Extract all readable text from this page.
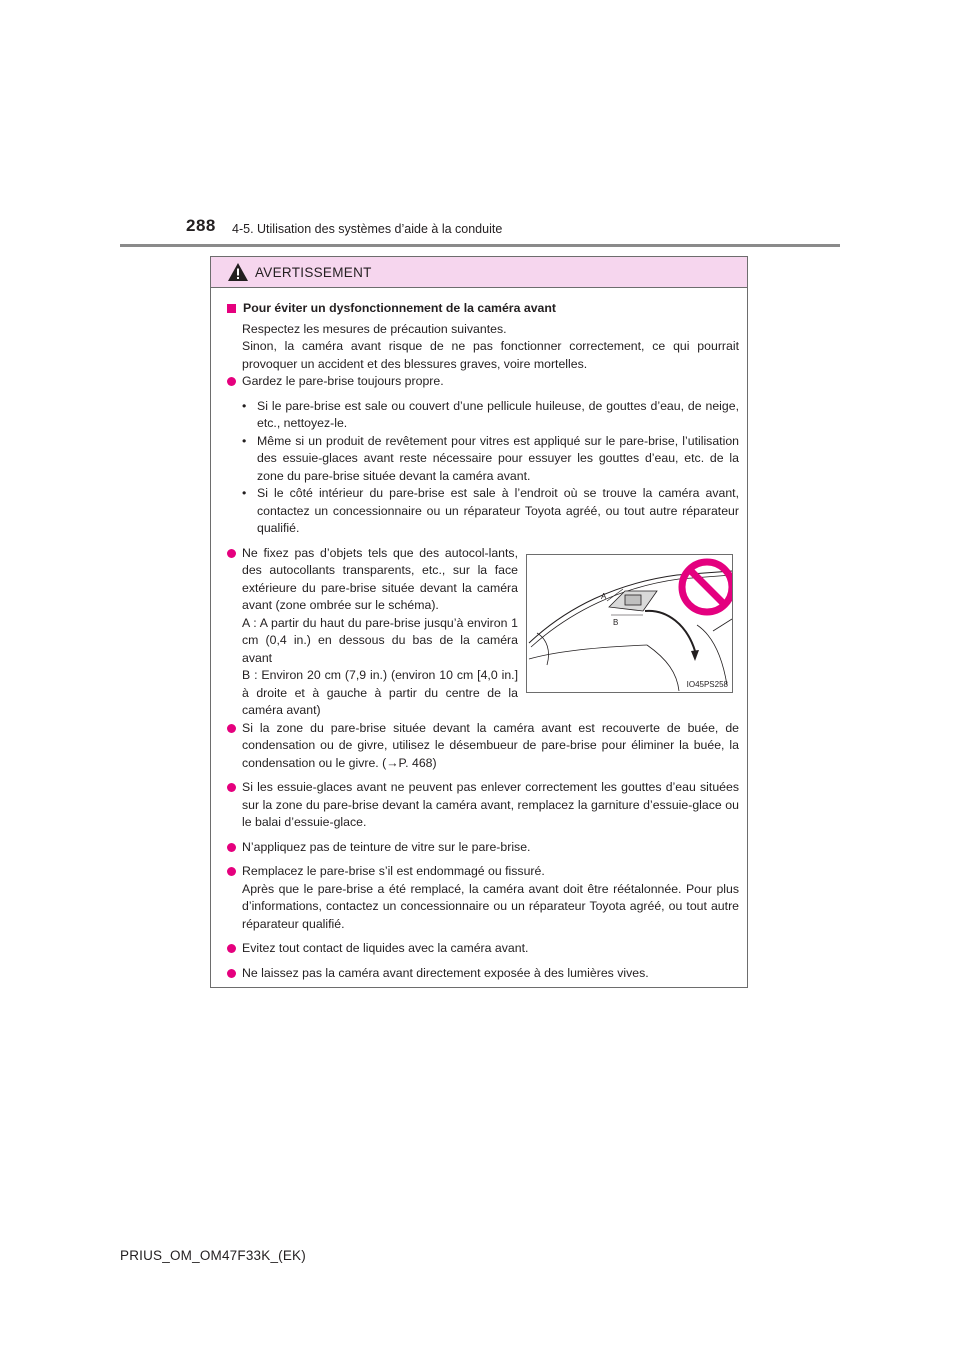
288 4-5. Utilisation des systèmes d’aide à la conduite
AVERTISSEMENT
Pour éviter un dysfonctionnement de la caméra avant

Respectez les mesures de précaution suivantes.

Sinon, la caméra avant risque de ne pas fonctionner correctement, ce qui pourrait provoquer un accident et des blessures graves, voire mortelles.

Gardez le pare-brise toujours propre.
• Si le pare-brise est sale ou couvert d’une pellicule huileuse, de gouttes d’eau, de neige, etc., nettoyez-le.
• Même si un produit de revêtement pour vitres est appliqué sur le pare-brise, l’utilisation des essuie-glaces avant reste nécessaire pour essuyer les gouttes d’eau, etc. de la zone du pare-brise située devant la caméra avant.
• Si le côté intérieur du pare-brise est sale à l’endroit où se trouve la caméra avant, contactez un concessionnaire ou un réparateur Toyota agréé, ou tout autre réparateur qualifié.

Ne fixez pas d’objets tels que des autocol-lants, des autocollants transparents, etc., sur la face extérieure du pare-brise située devant la caméra avant (zone ombrée sur le schéma).

A : A partir du haut du pare-brise jusqu’à environ 1 cm (0,4 in.) en dessous du bas de la caméra avant

B : Environ 20 cm (7,9 in.) (environ 10 cm [4,0 in.] à droite et à gauche à partir du centre de la caméra avant)

Si la zone du pare-brise située devant la caméra avant est recouverte de buée, de condensation ou de givre, utilisez le désembueur de pare-brise pour éliminer la buée, la condensation ou le givre. (→P. 468)
Si les essuie-glaces avant ne peuvent pas enlever correctement les gouttes d’eau situées sur la zone du pare-brise devant la caméra avant, remplacez la garniture d’essuie-glace ou le balai d’essuie-glace.
N’appliquez pas de teinture de vitre sur le pare-brise.

Remplacez le pare-brise s’il est endommagé ou fissuré.

Après que le pare-brise a été remplacé, la caméra avant doit être réétalonnée. Pour plus d’informations, contactez un concessionnaire ou un réparateur Toyota agréé, ou tout autre réparateur qualifié.

Evitez tout contact de liquides avec la caméra avant.
Ne laissez pas la caméra avant directement exposée à des lumières vives.
A
B
IO45PS258
PRIUS_OM_OM47F33K_(EK)
